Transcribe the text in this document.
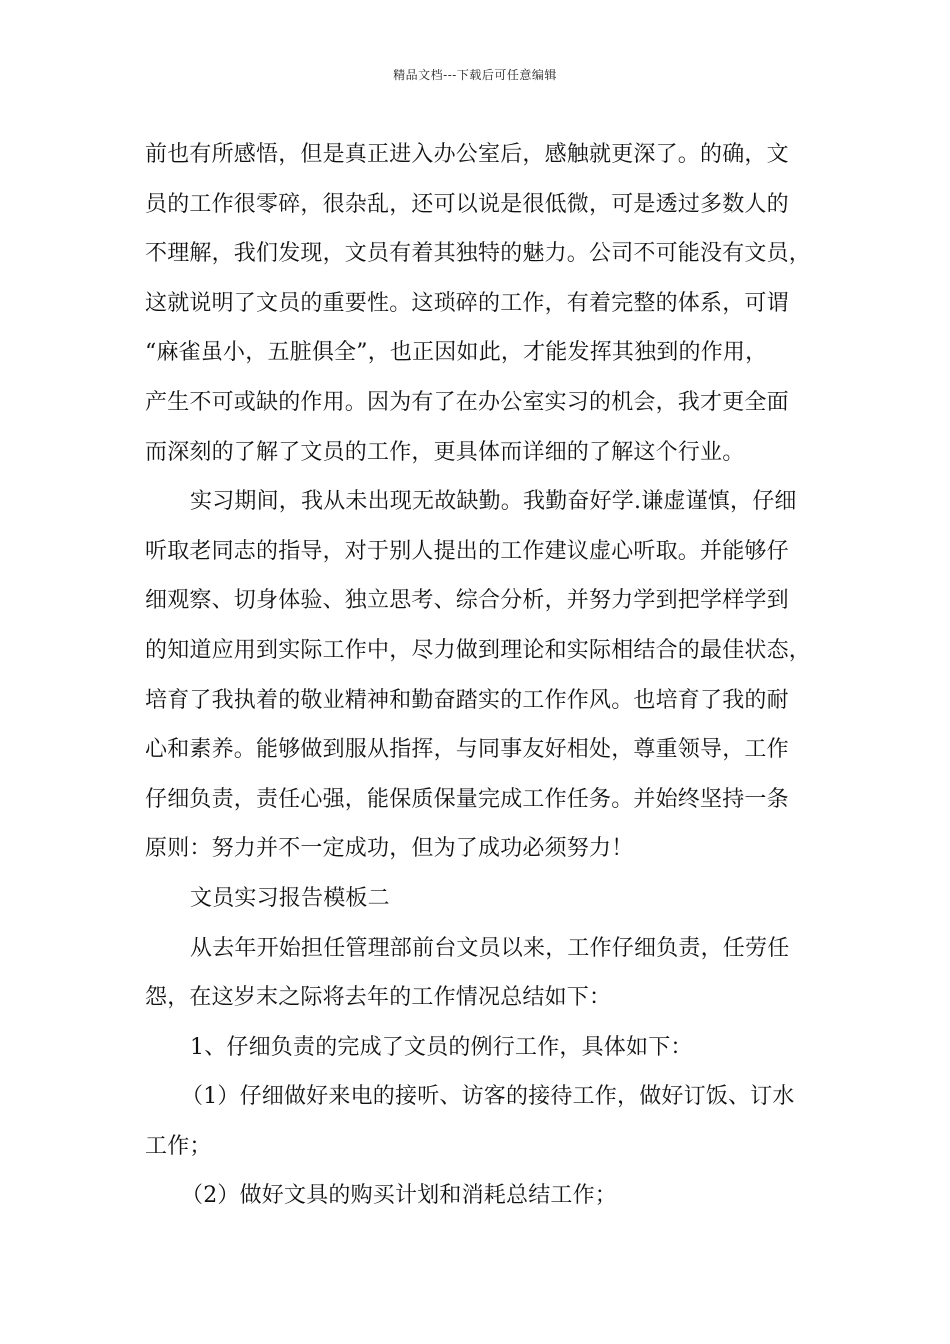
精品文档---下载后可任意编辑
前也有所感悟，但是真正进入办公室后，感触就更深了。的确，文
员的工作很零碎，很杂乱，还可以说是很低微，可是透过多数人的
不理解，我们发现，文员有着其独特的魅力。公司不可能没有文员，
这就说明了文员的重要性。这琐碎的工作，有着完整的体系，可谓
“麻雀虽小，五脏俱全”，也正因如此，才能发挥其独到的作用，
产生不可或缺的作用。因为有了在办公室实习的机会，我才更全面
而深刻的了解了文员的工作，更具体而详细的了解这个行业。
实习期间，我从未出现无故缺勤。我勤奋好学.谦虚谨慎，仔细
听取老同志的指导，对于别人提出的工作建议虚心听取。并能够仔
细观察、切身体验、独立思考、综合分析，并努力学到把学样学到
的知道应用到实际工作中，尽力做到理论和实际相结合的最佳状态，
培育了我执着的敬业精神和勤奋踏实的工作作风。也培育了我的耐
心和素养。能够做到服从指挥，与同事友好相处，尊重领导，工作
仔细负责，责任心强，能保质保量完成工作任务。并始终坚持一条
原则：努力并不一定成功，但为了成功必须努力！
文员实习报告模板二
从去年开始担任管理部前台文员以来，工作仔细负责，任劳任
怨，在这岁末之际将去年的工作情况总结如下：
1、仔细负责的完成了文员的例行工作，具体如下：
（1）仔细做好来电的接听、访客的接待工作，做好订饭、订水
工作；
（2）做好文具的购买计划和消耗总结工作；
